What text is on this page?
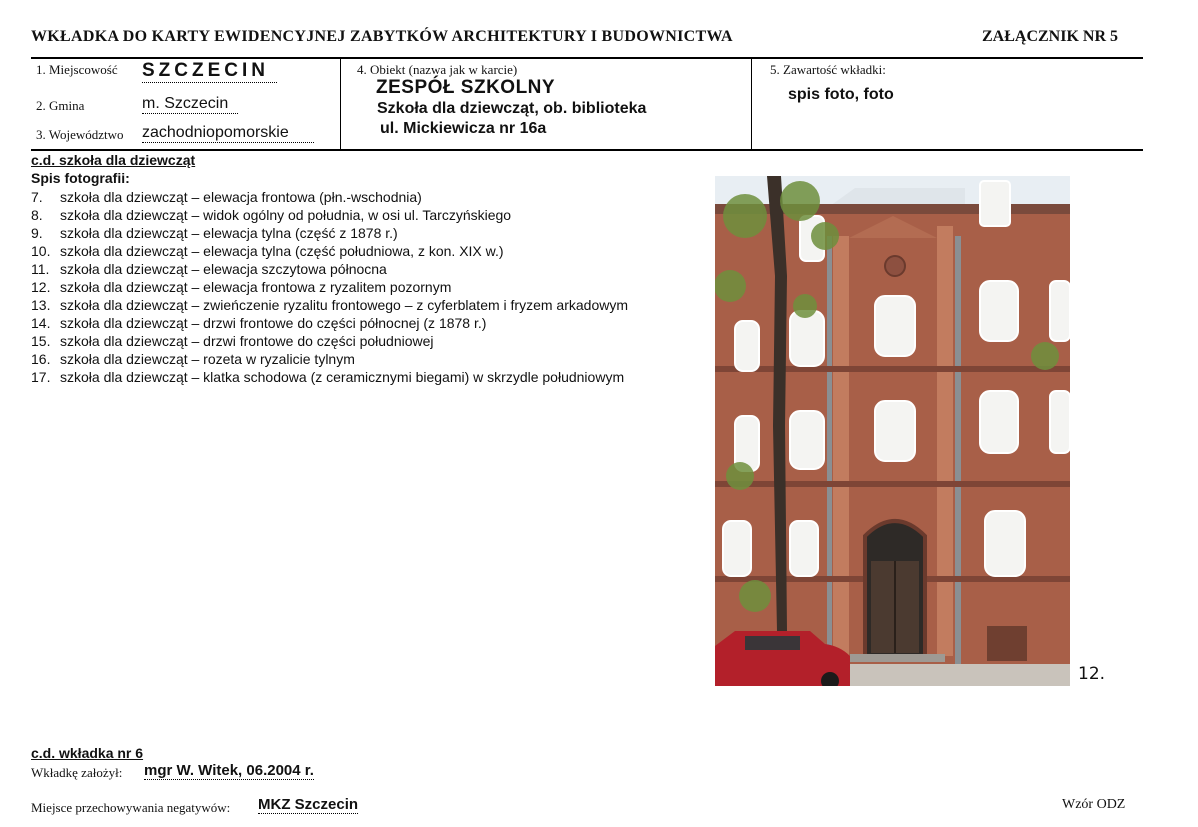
WKŁADKA DO KARTY EWIDENCYJNEJ ZABYTKÓW ARCHITEKTURY I BUDOWNICTWA	ZAŁĄCZNIK NR 5
1. Miejscowość SZCZECIN
2. Gmina	m. Szczecin
3. Województwo zachodniopomorskie
4. Obiekt (nazwa jak w karcie)
ZESPÓŁ SZKOLNY
Szkoła dla dziewcząt, ob. biblioteka
ul. Mickiewicza nr 16a
5. Zawartość wkładki:
spis foto, foto
c.d. szkoła dla dziewcząt
Spis fotografii:
7.	szkoła dla dziewcząt – elewacja frontowa (płn.-wschodnia)
8.	szkoła dla dziewcząt – widok ogólny od południa, w osi ul. Tarczyńskiego
9.	szkoła dla dziewcząt – elewacja tylna (część z 1878 r.)
10. szkoła dla dziewcząt – elewacja tylna (część południowa, z kon. XIX w.)
11. szkoła dla dziewcząt – elewacja szczytowa północna
12. szkoła dla dziewcząt – elewacja frontowa z ryzalitem pozornym
13. szkoła dla dziewcząt – zwieńczenie ryzalitu frontowego – z cyferblatem i fryzem arkadowym
14. szkoła dla dziewcząt – drzwi frontowe do części północnej (z 1878 r.)
15. szkoła dla dziewcząt – drzwi frontowe do części południowej
16. szkoła dla dziewcząt – rozeta w ryzalicie tylnym
17. szkoła dla dziewcząt – klatka schodowa (z ceramicznymi biegami) w skrzydle południowym
12.
c.d. wkładka nr 6
Wkładkę założył: mgr W. Witek, 06.2004 r.
Miejsce przechowywania negatywów: MKZ Szczecin	Wzór ODZ
